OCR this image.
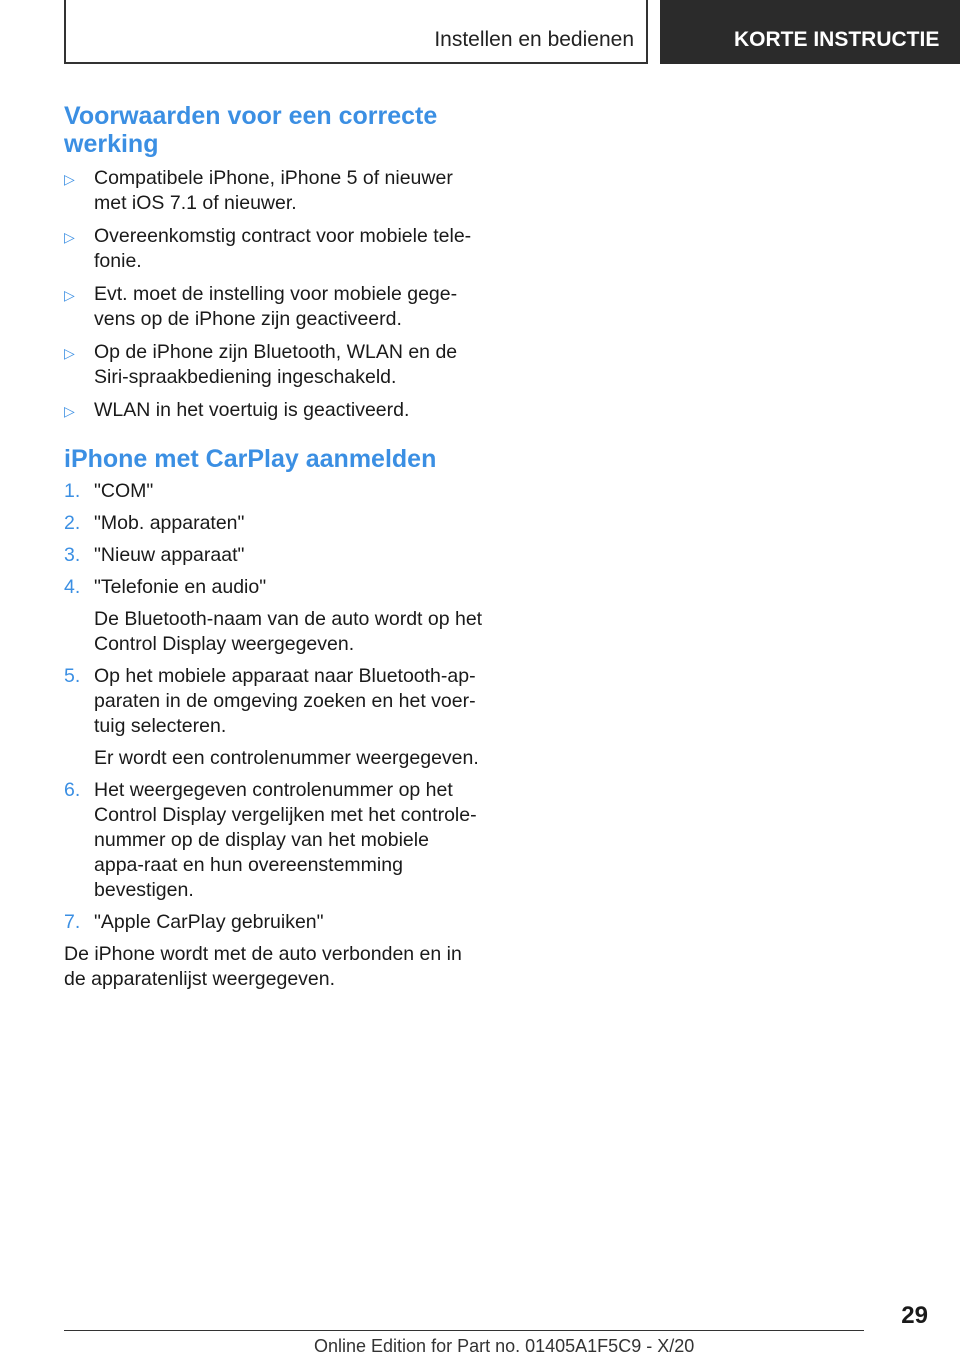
Instellen en bedienen	KORTE INSTRUCTIE
Voorwaarden voor een correcte werking
▷ Compatibele iPhone, iPhone 5 of nieuwer met iOS 7.1 of nieuwer.
▷ Overeenkomstig contract voor mobiele tele-fonie.
▷ Evt. moet de instelling voor mobiele gege-vens op de iPhone zijn geactiveerd.
▷ Op de iPhone zijn Bluetooth, WLAN en de Siri-spraakbediening ingeschakeld.
▷ WLAN in het voertuig is geactiveerd.
iPhone met CarPlay aanmelden
1. "COM"
2. "Mob. apparaten"
3. "Nieuw apparaat"
4. "Telefonie en audio"
De Bluetooth-naam van de auto wordt op het Control Display weergegeven.
5. Op het mobiele apparaat naar Bluetooth-ap-paraten in de omgeving zoeken en het voer-tuig selecteren.
Er wordt een controlenummer weergegeven.
6. Het weergegeven controlenummer op het Control Display vergelijken met het controle-nummer op de display van het mobiele appa-raat en hun overeenstemming bevestigen.
7. "Apple CarPlay gebruiken"

De iPhone wordt met de auto verbonden en in de apparatenlijst weergegeven.

29
Online Edition for Part no. 01405A1F5C9 - X/20
